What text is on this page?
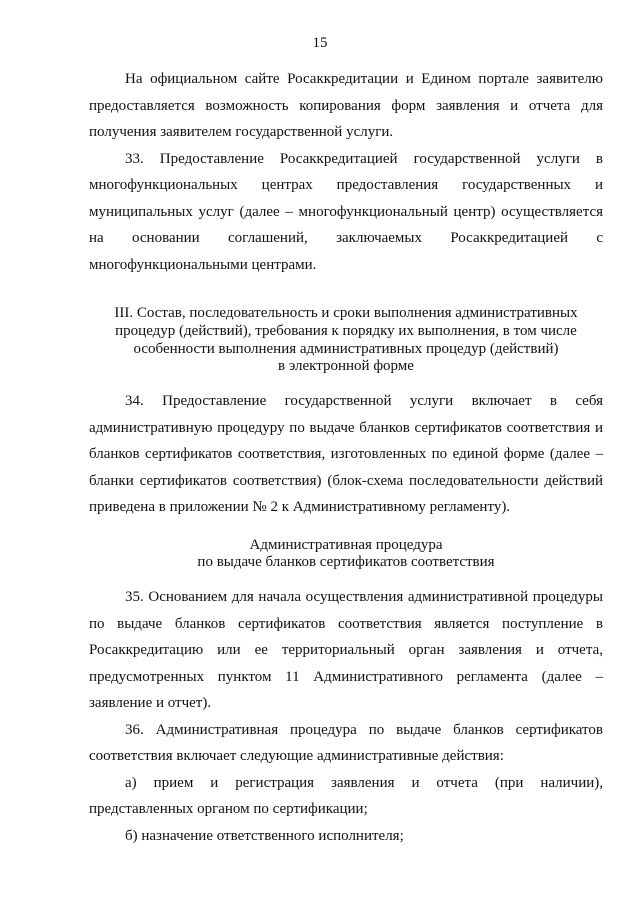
15

На официальном сайте Росаккредитации и Едином портале заявителю предоставляется возможность копирования форм заявления и отчета для получения заявителем государственной услуги.

33. Предоставление Росаккредитацией государственной услуги в многофункциональных центрах предоставления государственных и муниципальных услуг (далее – многофункциональный центр) осуществляется на основании соглашений, заключаемых Росаккредитацией с многофункциональными центрами.

III. Состав, последовательность и сроки выполнения административных
процедур (действий), требования к порядку их выполнения, в том числе
особенности выполнения административных процедур (действий)
в электронной форме

34. Предоставление государственной услуги включает в себя административную процедуру по выдаче бланков сертификатов соответствия и бланков сертификатов соответствия, изготовленных по единой форме (далее – бланки сертификатов соответствия) (блок-схема последовательности действий приведена в приложении № 2 к Административному регламенту).

Административная процедура
по выдаче бланков сертификатов соответствия

35. Основанием для начала осуществления административной процедуры по выдаче бланков сертификатов соответствия является поступление в Росаккредитацию или ее территориальный орган заявления и отчета, предусмотренных пунктом 11 Административного регламента (далее – заявление и отчет).

36. Административная процедура по выдаче бланков сертификатов соответствия включает следующие административные действия:

а) прием и регистрация заявления и отчета (при наличии), представленных органом по сертификации;

б) назначение ответственного исполнителя;
